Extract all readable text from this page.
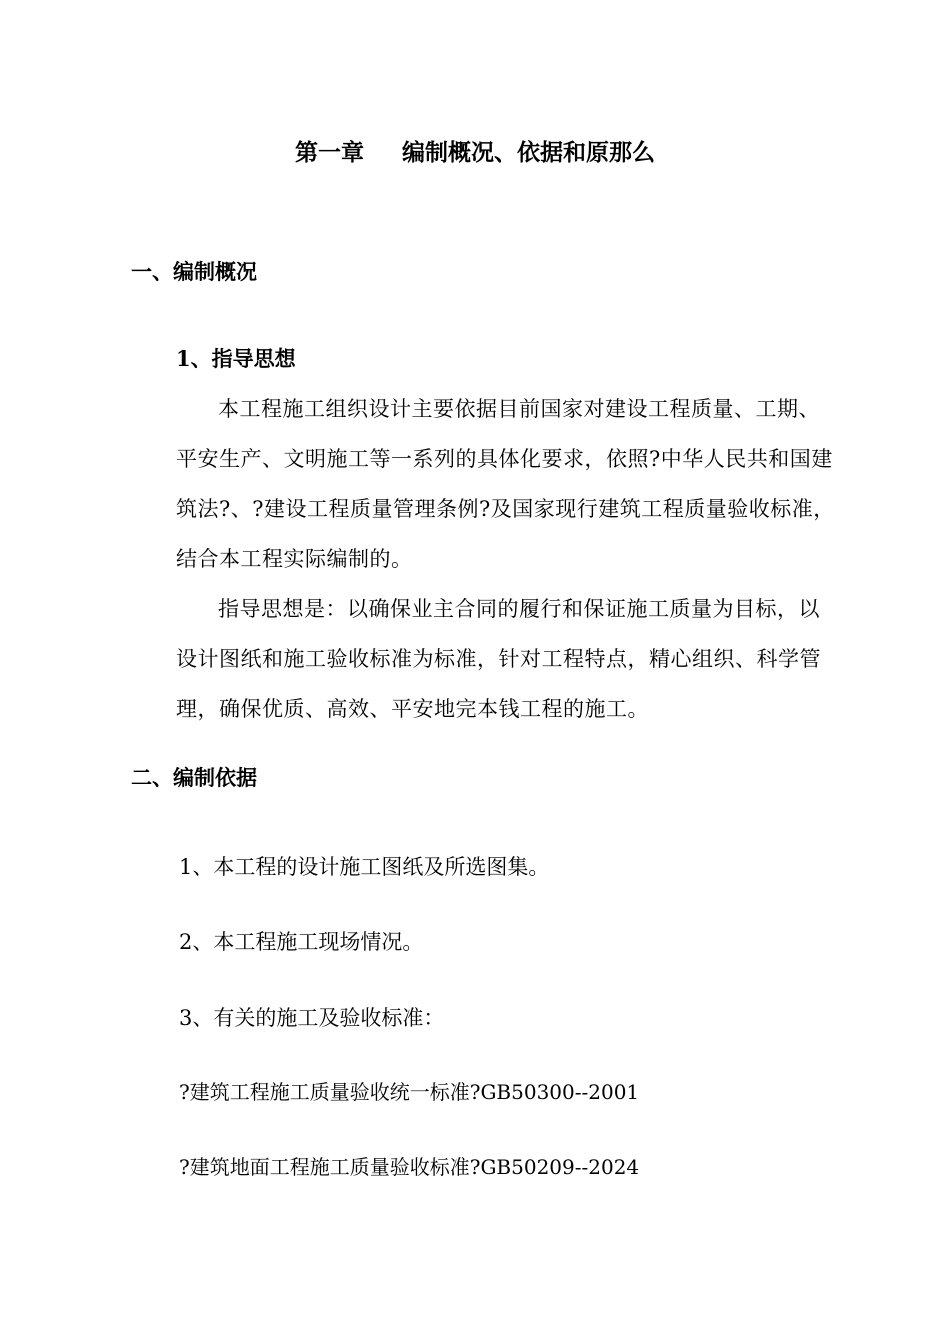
第一章 编制概况、依据和原那么
一、编制概况
1、指导思想

本工程施工组织设计主要依据目前国家对建设工程质量、工期、平安生产、文明施工等一系列的具体化要求，依照?中华人民共和国建筑法?、?建设工程质量管理条例?及国家现行建筑工程质量验收标准，结合本工程实际编制的。

指导思想是：以确保业主合同的履行和保证施工质量为目标，以设计图纸和施工验收标准为标准，针对工程特点，精心组织、科学管理，确保优质、高效、平安地完本钱工程的施工。

二、编制依据
1、本工程的设计施工图纸及所选图集。
2、本工程施工现场情况。
3、有关的施工及验收标准：
?建筑工程施工质量验收统一标准?GB50300--2001
?建筑地面工程施工质量验收标准?GB50209--2024
